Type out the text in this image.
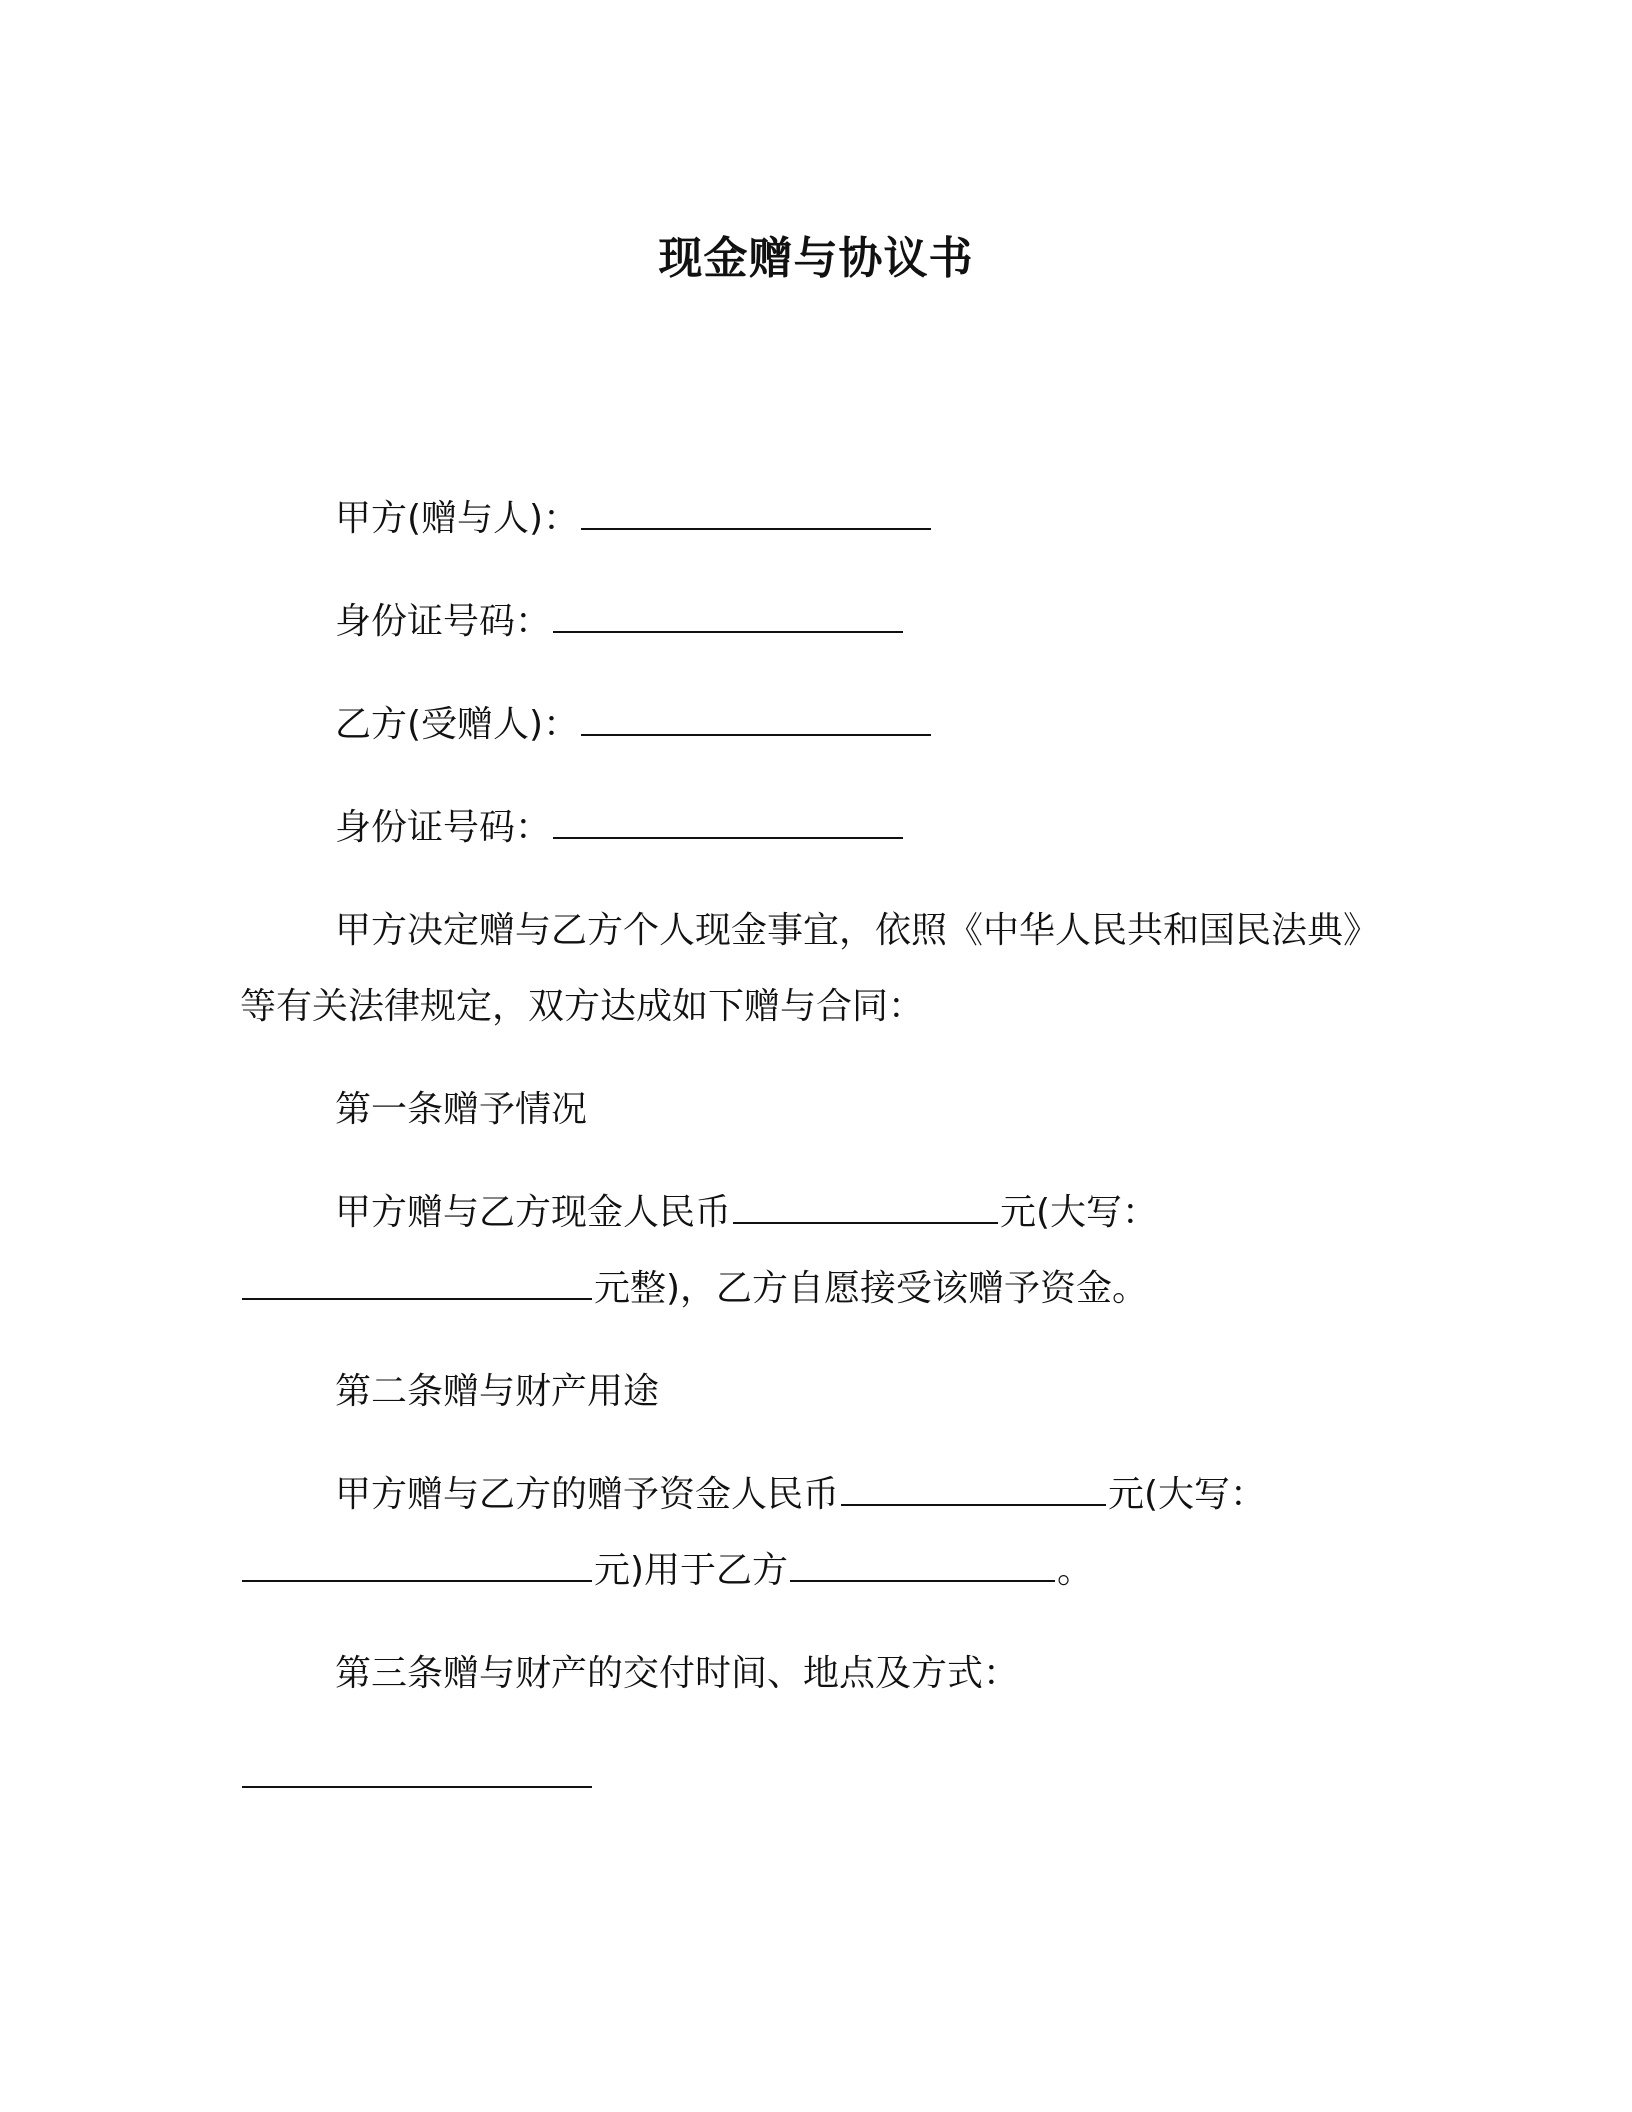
现金赠与协议书
甲方(赠与人)：
身份证号码：
乙方(受赠人)：
身份证号码：
甲方决定赠与乙方个人现金事宜，依照《中华人民共和国民法典》
等有关法律规定，双方达成如下赠与合同：
第一条赠予情况
甲方赠与乙方现金人民币	元(大写：
元整)，乙方自愿接受该赠予资金。
第二条赠与财产用途
甲方赠与乙方的赠予资金人民币	元(大写：
元)用于乙方	。
第三条赠与财产的交付时间、地点及方式：
